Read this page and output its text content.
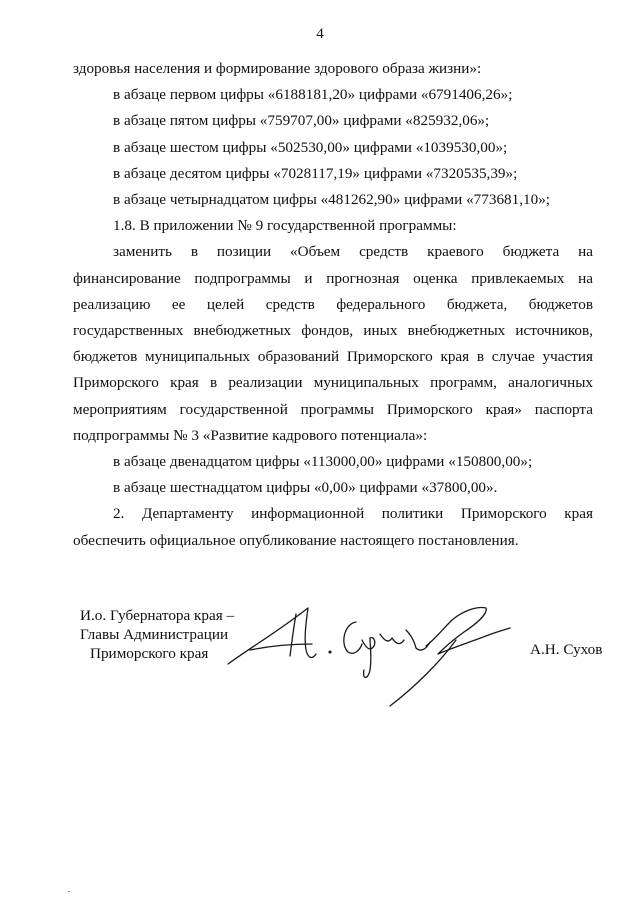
4
здоровья населения и формирование здорового образа жизни»:
в абзаце первом цифры «6188181,20» цифрами «6791406,26»;
в абзаце пятом цифры «759707,00» цифрами «825932,06»;
в абзаце шестом цифры «502530,00» цифрами «1039530,00»;
в абзаце десятом цифры «7028117,19» цифрами «7320535,39»;
в абзаце четырнадцатом цифры «481262,90» цифрами «773681,10»;
1.8. В приложении № 9 государственной программы:
заменить в позиции «Объем средств краевого бюджета на
финансирование подпрограммы и прогнозная оценка привлекаемых на
реализацию ее целей средств федерального бюджета, бюджетов
государственных внебюджетных фондов, иных внебюджетных источников,
бюджетов муниципальных образований Приморского края в случае участия
Приморского края в реализации муниципальных программ, аналогичных
мероприятиям государственной программы Приморского края» паспорта
подпрограммы № 3 «Развитие кадрового потенциала»:
в абзаце двенадцатом цифры «113000,00» цифрами «150800,00»;
в абзаце шестнадцатом цифры «0,00» цифрами «37800,00».
2. Департаменту информационной политики Приморского края
обеспечить официальное опубликование настоящего постановления.
И.о. Губернатора края –
Главы Администрации
Приморского края	А.Н. Сухов
